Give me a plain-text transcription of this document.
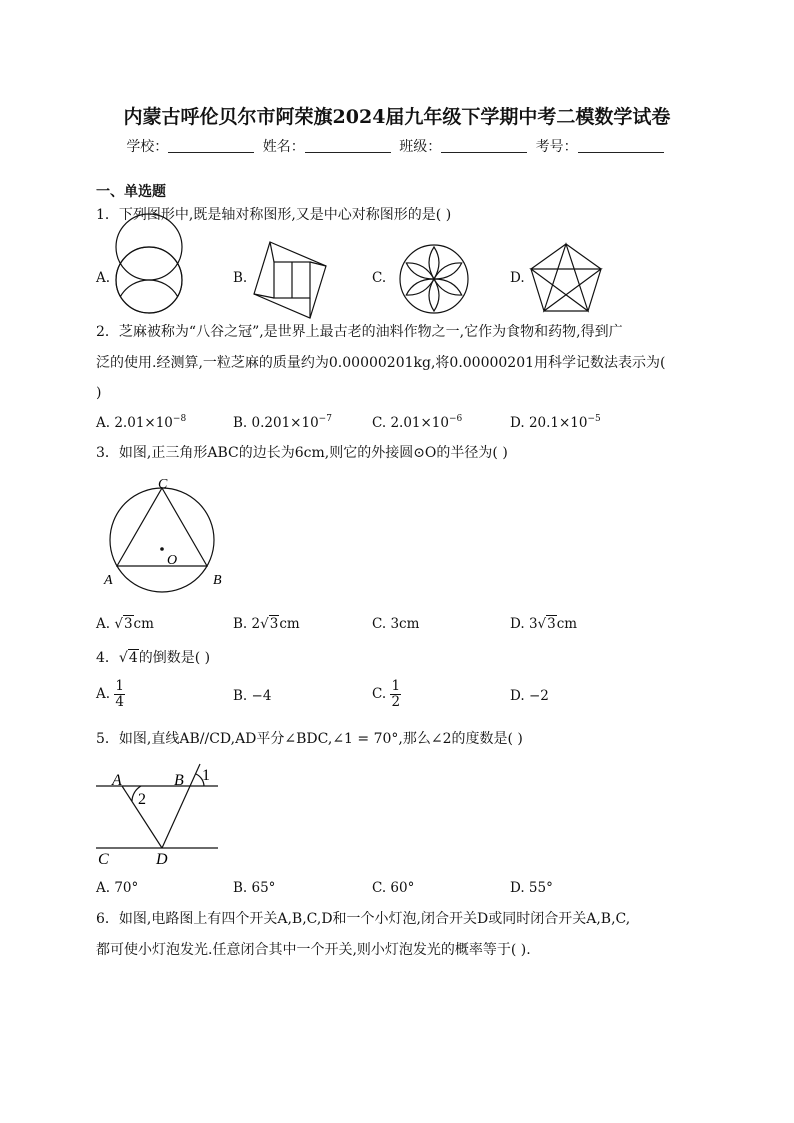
内蒙古呼伦贝尔市阿荣旗2024届九年级下学期中考二模数学试卷
学校：	姓名：	班级：	考号：
一、单选题
1．下列图形中,既是轴对称图形,又是中心对称图形的是( )
A.	B.	C.	D.
2．芝麻被称为“八谷之冠”,是世界上最古老的油料作物之一,它作为食物和药物,得到广
泛的使用.经测算,一粒芝麻的质量约为0.00000201kg,将0.00000201用科学记数法表示为(
)
A. $2.01\times 10^{-8}$	B. $0.201\times 10^{-7}$	C. $2.01\times 10^{-6}$	D. $20.1\times 10^{-5}$
3．如图,正三角形ABC的边长为6cm,则它的外接圆⊙O的半径为( )
C
A	B
O
A. √3cm	B. 2√3cm	C. 3cm	D. 3√3cm
4．√4的倒数是( )
A. $\frac{1}{4}$	B. −4	C. $\frac{1}{2}$	D. −2
5．如图,直线AB//CD,AD平分∠BDC,∠1 = 70°,那么∠2的度数是( )
A	B 1
2
C	D
A. 70°	B. 65°	C. 60°	D. 55°
6．如图,电路图上有四个开关A,B,C,D和一个小灯泡,闭合开关D或同时闭合开关A,B,C,
都可使小灯泡发光.任意闭合其中一个开关,则小灯泡发光的概率等于( ).
